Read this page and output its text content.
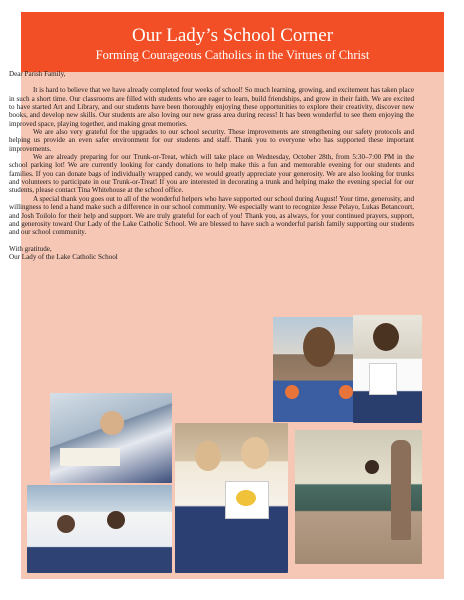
Our Lady’s School Corner
Forming Courageous Catholics in the Virtues of Christ

Dear Parish Family,

It is hard to believe that we have already completed four weeks of school! So much learning, growing, and excitement has taken place in such a short time. Our classrooms are filled with students who are eager to learn, build friendships, and grow in their faith. We are excited to have started Art and Library, and our students have been thoroughly enjoying these opportunities to explore their creativity, discover new books, and develop new skills. Our students are also loving our new grass area during recess! It has been wonderful to see them enjoying the improved space, playing together, and making great memories.

We are also very grateful for the upgrades to our school security. These improvements are strengthening our safety protocols and helping us provide an even safer environment for our students and staff. Thank you to everyone who has supported these important improvements.

We are already preparing for our Trunk-or-Treat, which will take place on Wednesday, October 28th, from 5:30–7:00 PM in the school parking lot! We are currently looking for candy donations to help make this a fun and memorable evening for our students and families. If you can donate bags of individually wrapped candy, we would greatly appreciate your generosity. We are also looking for trunks and volunteers to participate in our Trunk-or-Treat! If you are interested in decorating a trunk and helping make the evening special for our students, please contact Tina Whitehouse at the school office.

A special thank you goes out to all of the wonderful helpers who have supported our school during August! Your time, generosity, and willingness to lend a hand make such a difference in our school community. We especially want to recognize Jesse Pelayo, Lukas Betancourt, and Josh Toilolo for their help and support. We are truly grateful for each of you! Thank you, as always, for your continued prayers, support, and generosity toward Our Lady of the Lake Catholic School. We are blessed to have such a wonderful parish family supporting our students and our school community.

With gratitude,

Our Lady of the Lake Catholic School
